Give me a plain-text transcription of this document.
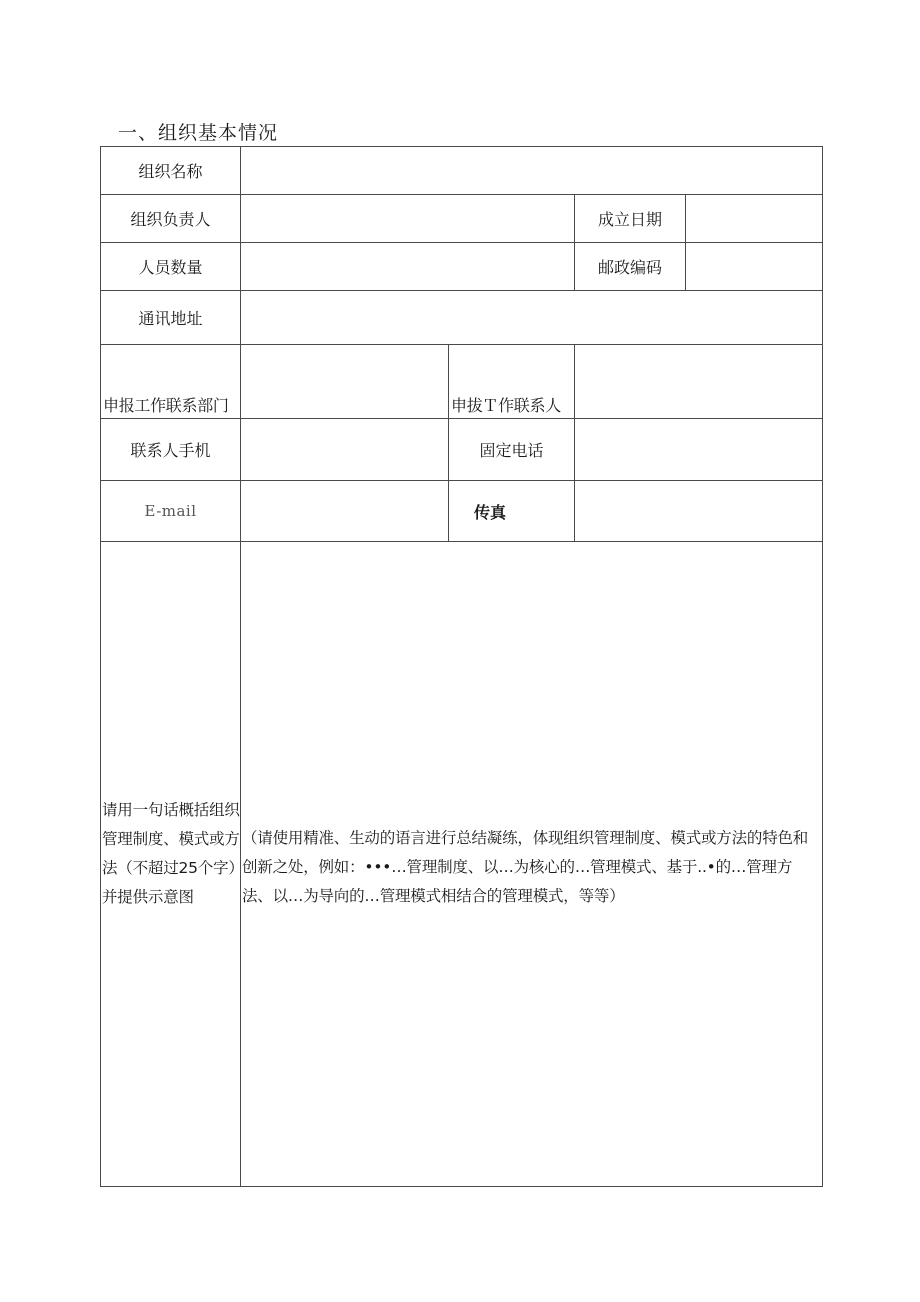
一、组织基本情况
组织名称
组织负责人	成立日期
人员数量	邮政编码
通讯地址
申报工作联系部门	申拔Ｔ作联系人
联系人手机	固定电话
E-mail	传真
请用一句话概括组织管理制度、模式或方法（不超过25个字）并提供示意图
（请使用精准、生动的语言进行总结凝练，体现组织管理制度、模式或方法的特色和创新之处，例如：•••…管理制度、以…为核心的…管理模式、基于..•的…管理方法、以…为导向的…管理模式相结合的管理模式，等等）
